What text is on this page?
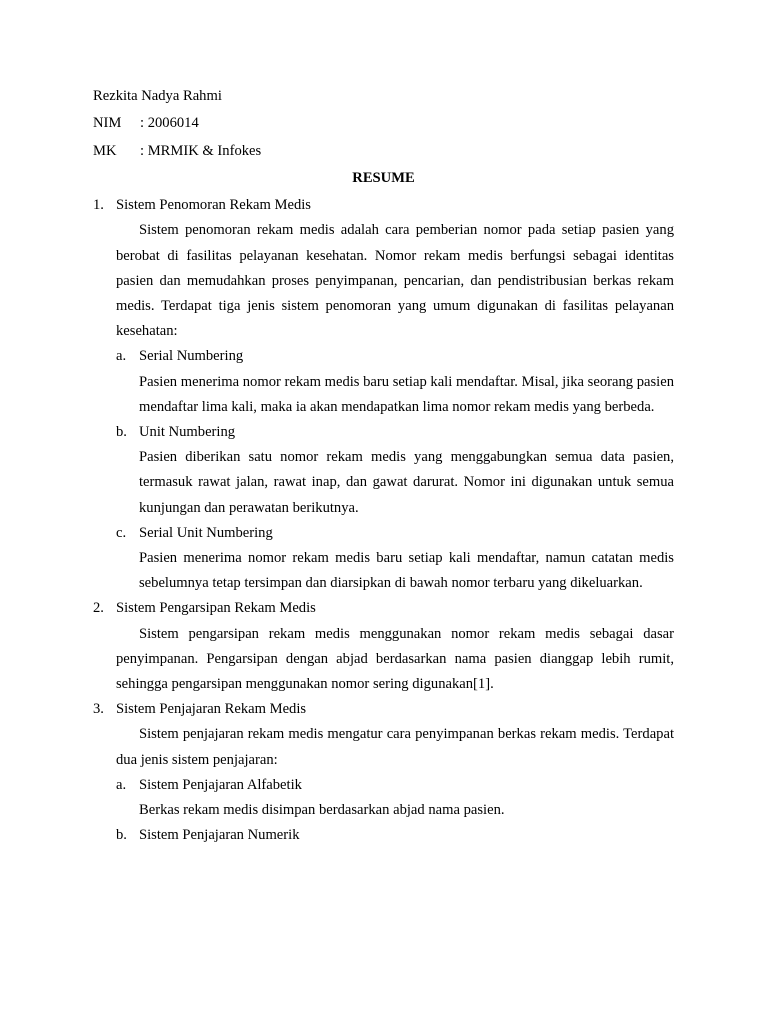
Rezkita Nadya Rahmi

NIM	: 2006014
MK	: MRMIK & Infokes
RESUME
1. Sistem Penomoran Rekam Medis

Sistem penomoran rekam medis adalah cara pemberian nomor pada setiap pasien yang berobat di fasilitas pelayanan kesehatan. Nomor rekam medis berfungsi sebagai identitas pasien dan memudahkan proses penyimpanan, pencarian, dan pendistribusian berkas rekam medis. Terdapat tiga jenis sistem penomoran yang umum digunakan di fasilitas pelayanan kesehatan:

a. Serial Numbering

Pasien menerima nomor rekam medis baru setiap kali mendaftar. Misal, jika seorang pasien mendaftar lima kali, maka ia akan mendapatkan lima nomor rekam medis yang berbeda.

b. Unit Numbering

Pasien diberikan satu nomor rekam medis yang menggabungkan semua data pasien, termasuk rawat jalan, rawat inap, dan gawat darurat. Nomor ini digunakan untuk semua kunjungan dan perawatan berikutnya.

c. Serial Unit Numbering

Pasien menerima nomor rekam medis baru setiap kali mendaftar, namun catatan medis sebelumnya tetap tersimpan dan diarsipkan di bawah nomor terbaru yang dikeluarkan.

2. Sistem Pengarsipan Rekam Medis

Sistem pengarsipan rekam medis menggunakan nomor rekam medis sebagai dasar penyimpanan. Pengarsipan dengan abjad berdasarkan nama pasien dianggap lebih rumit, sehingga pengarsipan menggunakan nomor sering digunakan[1].

3. Sistem Penjajaran Rekam Medis

Sistem penjajaran rekam medis mengatur cara penyimpanan berkas rekam medis. Terdapat dua jenis sistem penjajaran:

a. Sistem Penjajaran Alfabetik

Berkas rekam medis disimpan berdasarkan abjad nama pasien.

b. Sistem Penjajaran Numerik
